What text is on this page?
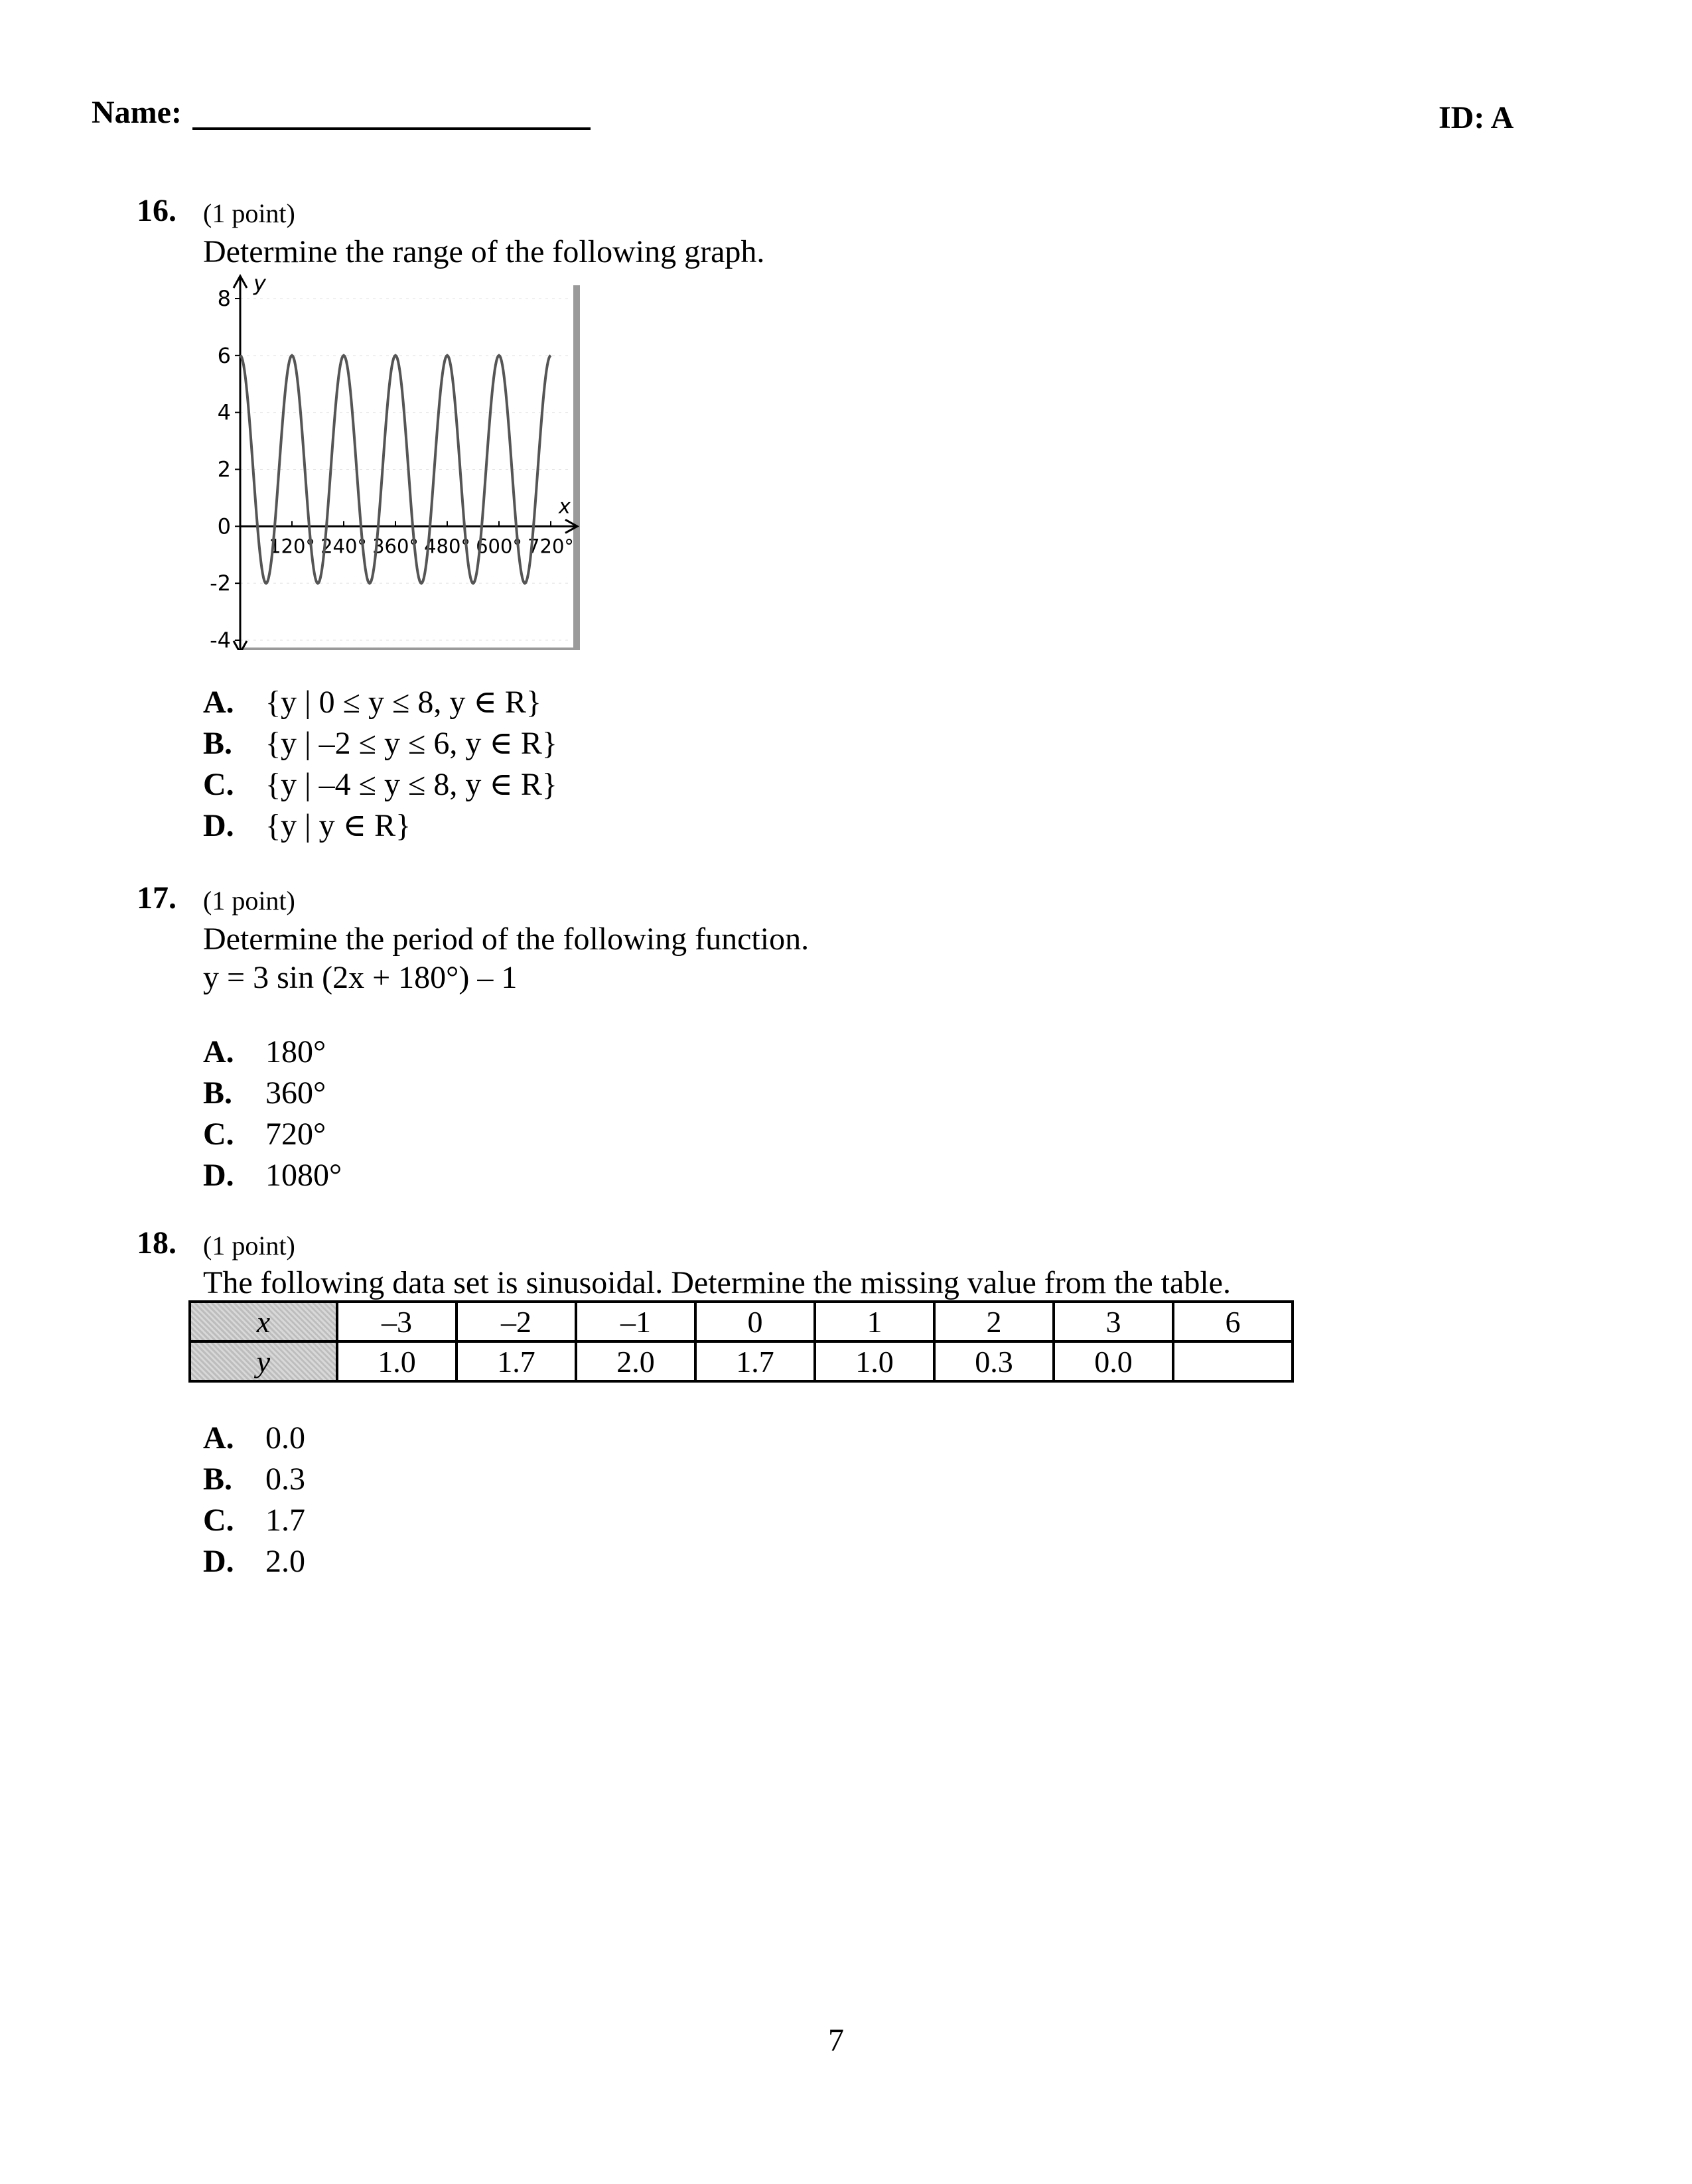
Name:	ID: A
16. (1 point)
Determine the range of the following graph.
x
y
8
6
4
2
0
-2
-4
120° 240° 360° 480° 600° 720°
A. {y | 0 ≤ y ≤ 8, y ∈ R}
B. {y | –2 ≤ y ≤ 6, y ∈ R}
C. {y | –4 ≤ y ≤ 8, y ∈ R}
D. {y | y ∈ R}
17. (1 point)
Determine the period of the following function.
y = 3 sin (2x + 180°) – 1
A. 180°
B. 360°
C. 720°
D. 1080°
18. (1 point)
The following data set is sinusoidal. Determine the missing value from the table.
x	–3	–2	–1	0	1	2	3	6
y	1.0	1.7	2.0	1.7	1.0	0.3	0.0	
A. 0.0
B. 0.3
C. 1.7
D. 2.0
7
